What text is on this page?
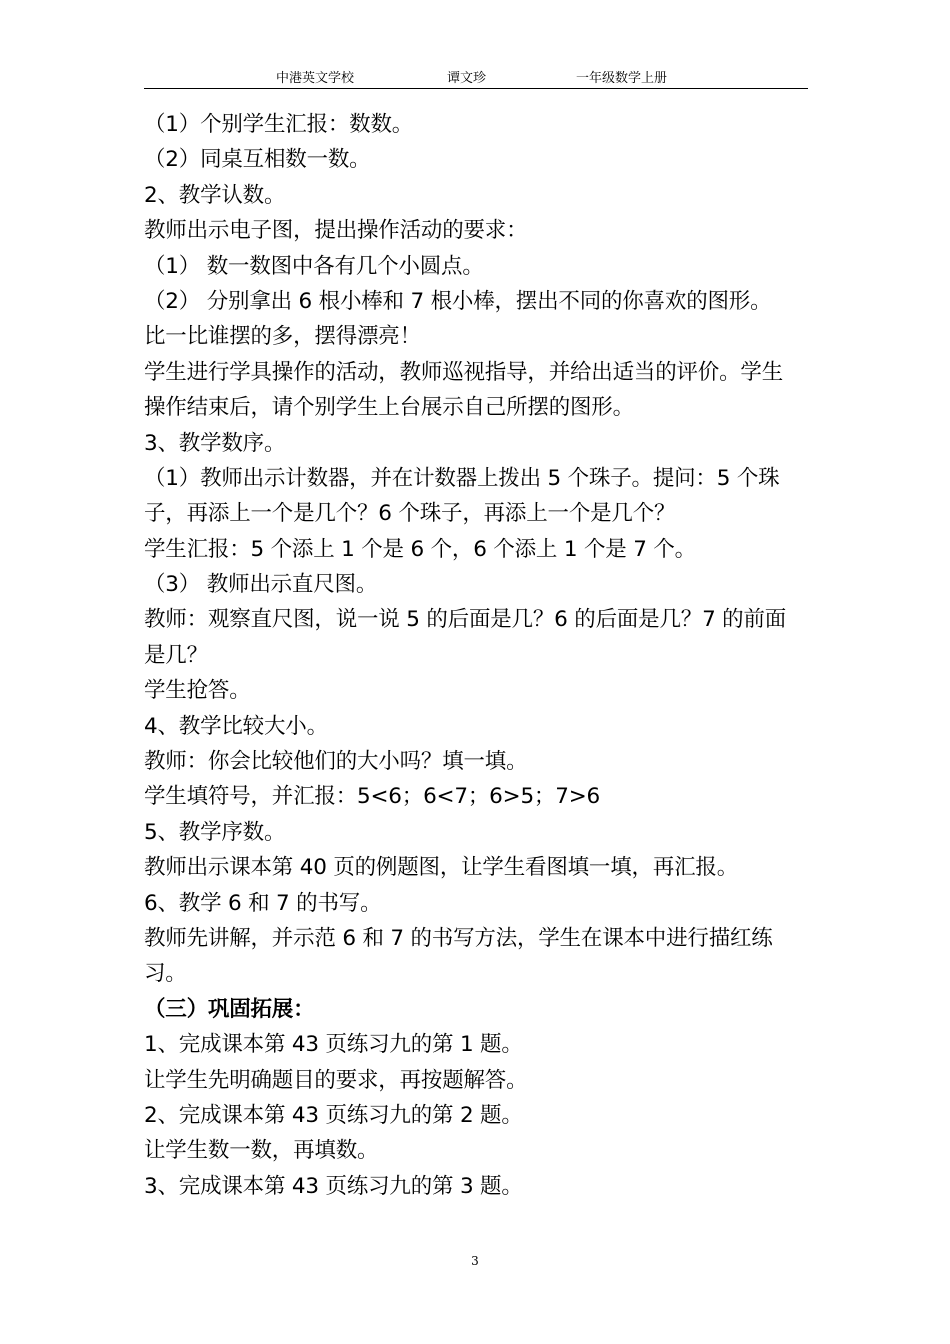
中港英文学校	谭文珍	一年级数学上册
（1）个别学生汇报：数数。
（2）同桌互相数一数。
2、教学认数。
教师出示电子图，提出操作活动的要求：
（1） 数一数图中各有几个小圆点。
（2） 分别拿出 6 根小棒和 7 根小棒，摆出不同的你喜欢的图形。
比一比谁摆的多，摆得漂亮！
学生进行学具操作的活动，教师巡视指导，并给出适当的评价。学生
操作结束后，请个别学生上台展示自己所摆的图形。
3、教学数序。
（1）教师出示计数器，并在计数器上拨出 5 个珠子。提问：5 个珠
子，再添上一个是几个？6 个珠子，再添上一个是几个？
学生汇报：5 个添上 1 个是 6 个，6 个添上 1 个是 7 个。
（3） 教师出示直尺图。
教师：观察直尺图，说一说 5 的后面是几？6 的后面是几？7 的前面
是几？
学生抢答。
4、教学比较大小。
教师：你会比较他们的大小吗？填一填。
学生填符号，并汇报：5<6；6<7；6>5；7>6
5、教学序数。
教师出示课本第 40 页的例题图，让学生看图填一填，再汇报。
6、教学 6 和 7 的书写。
教师先讲解，并示范 6 和 7 的书写方法，学生在课本中进行描红练
习。
（三）巩固拓展：
1、完成课本第 43 页练习九的第 1 题。
让学生先明确题目的要求，再按题解答。
2、完成课本第 43 页练习九的第 2 题。
让学生数一数，再填数。
3、完成课本第 43 页练习九的第 3 题。
3
